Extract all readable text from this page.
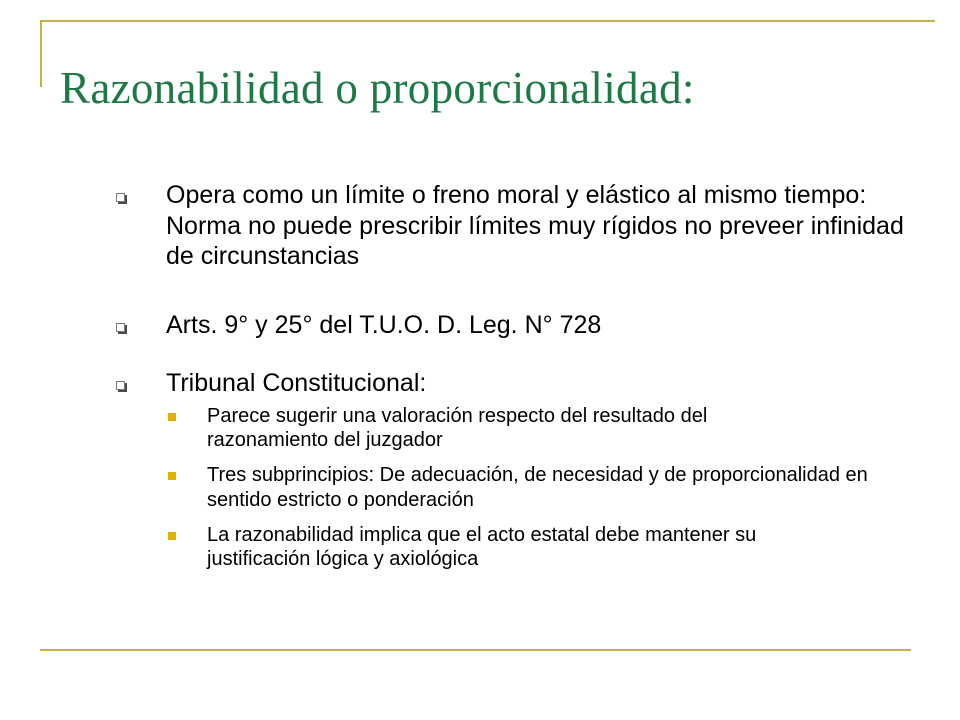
Razonabilidad o proporcionalidad:
Opera como un límite o freno moral y elástico al mismo tiempo: Norma no puede prescribir límites muy rígidos no preveer infinidad de circunstancias
Arts. 9° y 25° del T.U.O. D. Leg. N° 728
Tribunal Constitucional:
Parece sugerir una valoración respecto del resultado del razonamiento del juzgador
Tres subprincipios: De adecuación, de necesidad y de proporcionalidad en sentido estricto o ponderación
La razonabilidad implica que el acto estatal debe mantener su justificación lógica y axiológica
